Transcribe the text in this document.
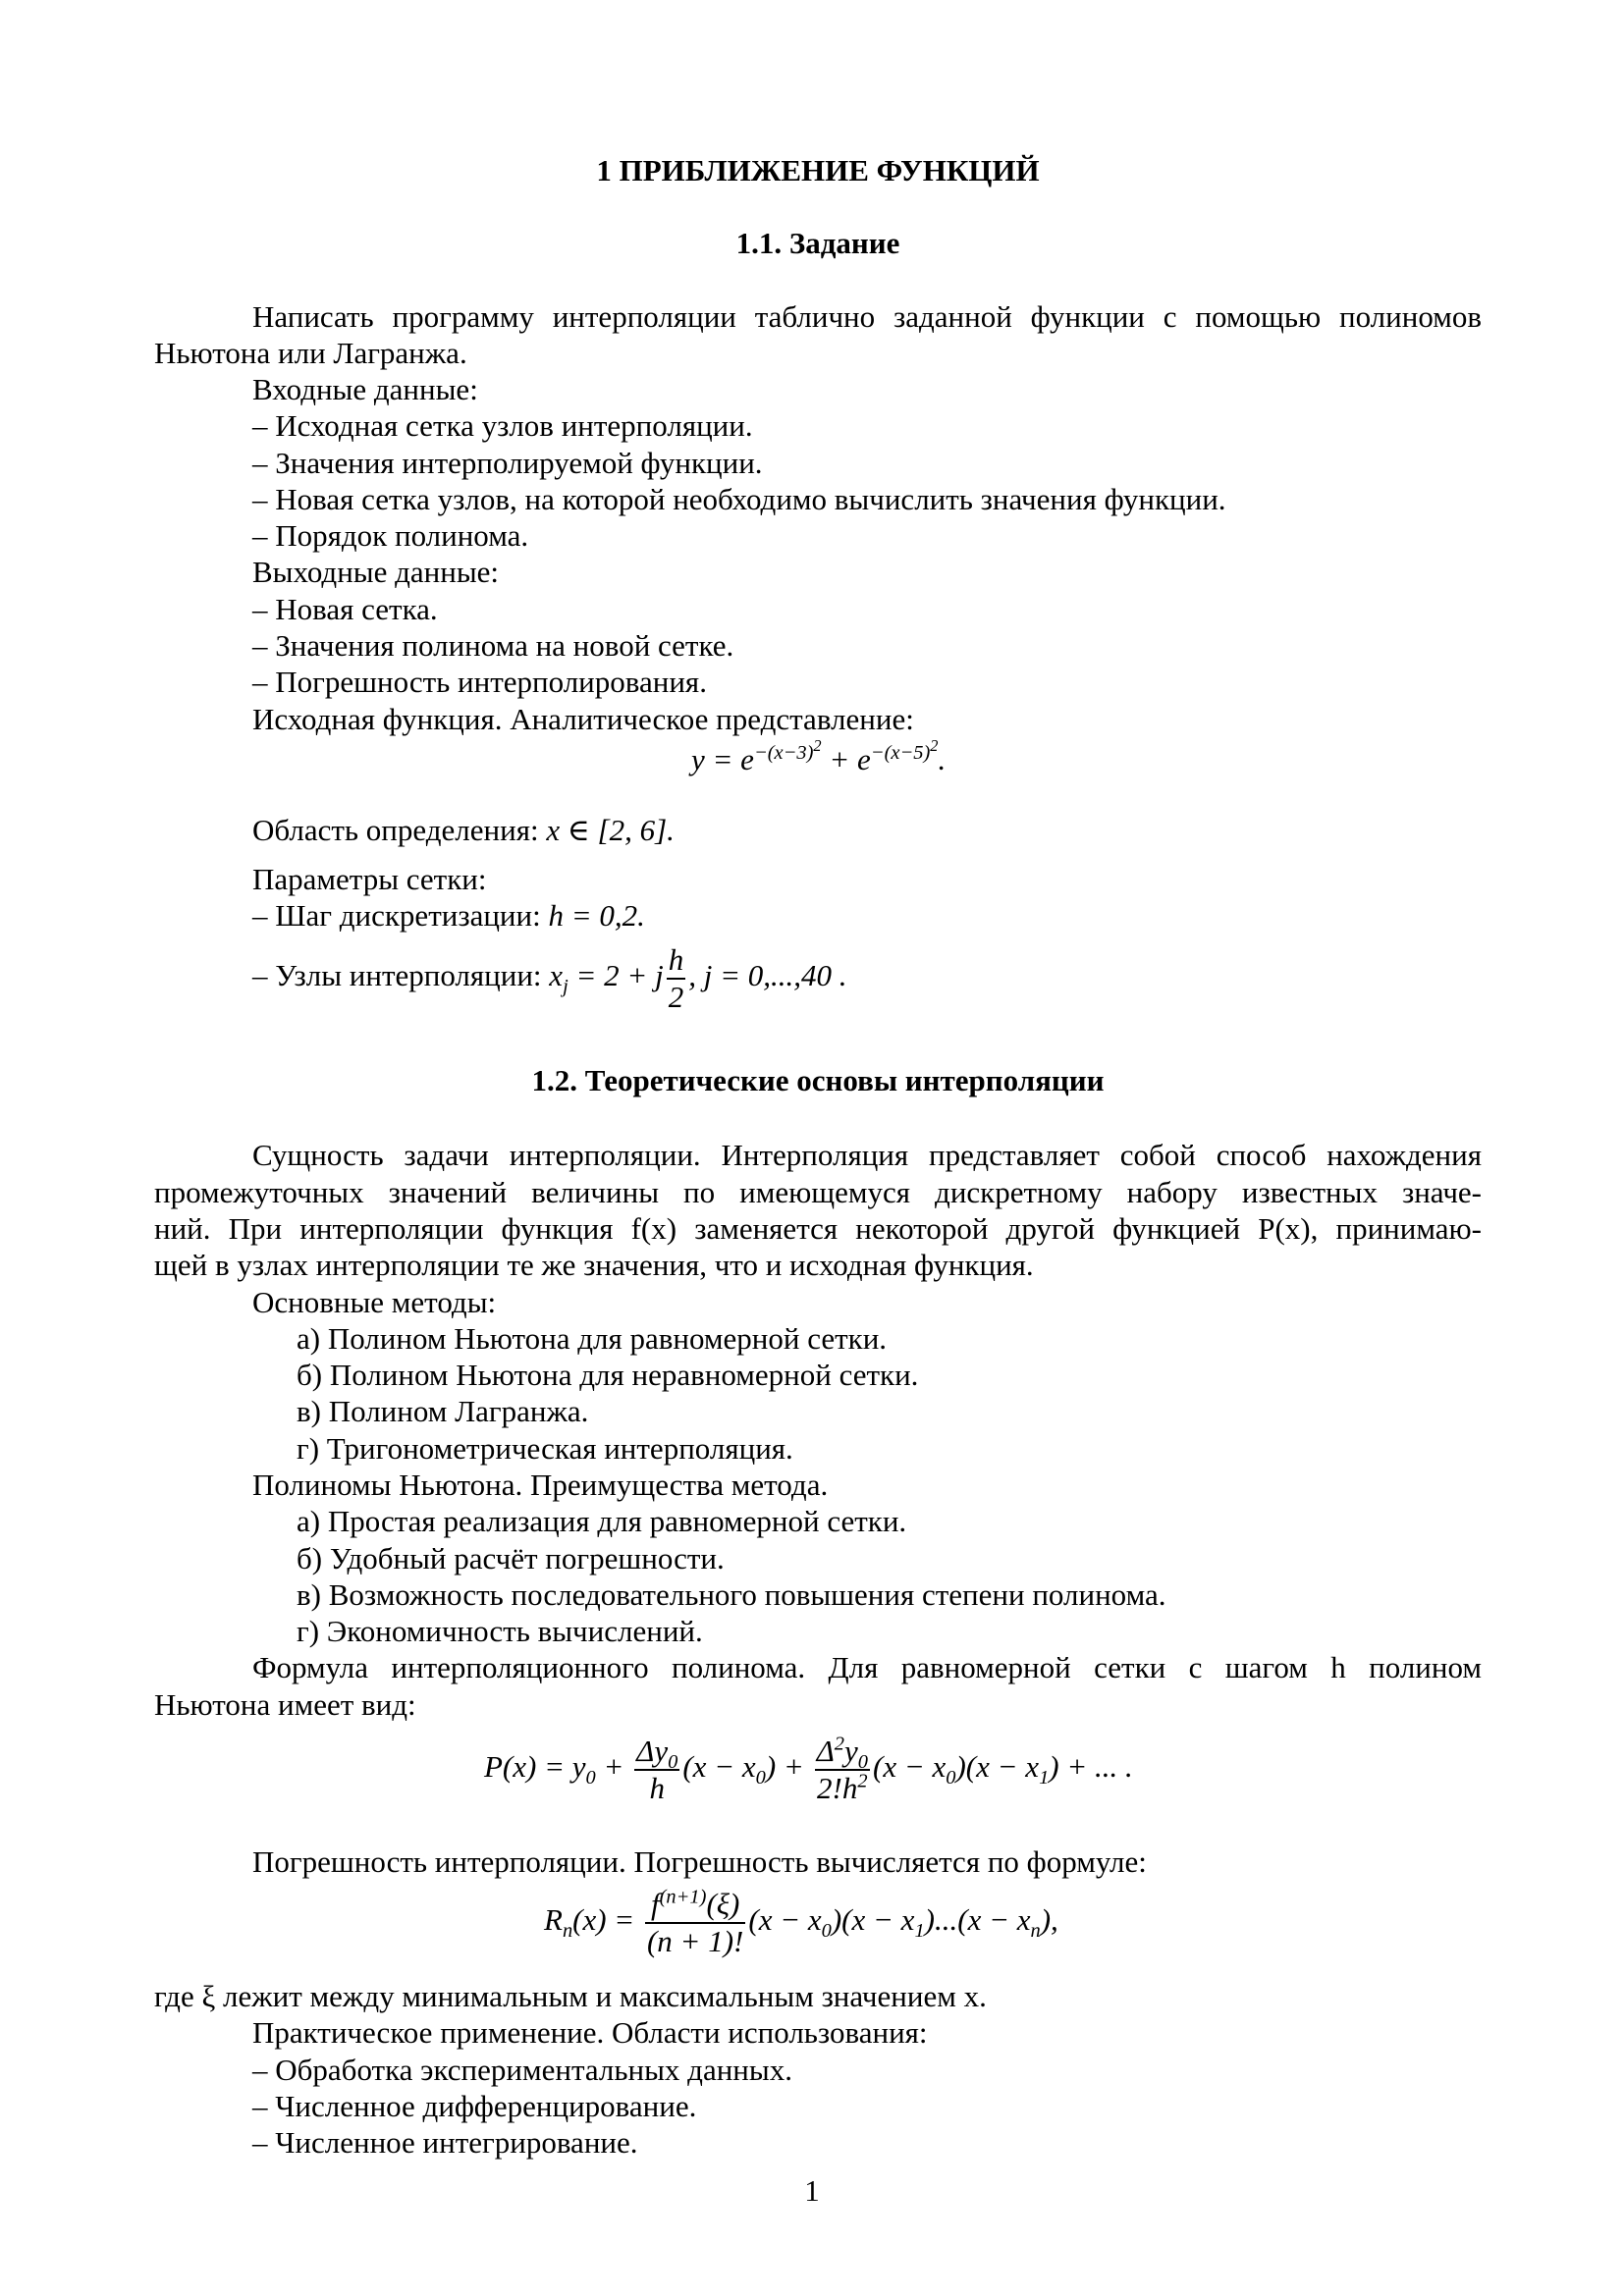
1 ПРИБЛИЖЕНИЕ ФУНКЦИЙ
1.1. Задание
Написать программу интерполяции таблично заданной функции с помощью полиномов
Ньютона или Лагранжа.
Входные данные:
– Исходная сетка узлов интерполяции.
– Значения интерполируемой функции.
– Новая сетка узлов, на которой необходимо вычислить значения функции.
– Порядок полинома.
Выходные данные:
– Новая сетка.
– Значения полинома на новой сетке.
– Погрешность интерполирования.
Исходная функция. Аналитическое представление:
$y = e^{-(x-3)^2} + e^{-(x-5)^2}$.
Область определения: x ∈ [2, 6].
Параметры сетки:
– Шаг дискретизации: h = 0,2.
– Узлы интерполяции: $x_j = 2 + j \frac{h}{2}$ , j = 0,...,40 .
1.2. Теоретические основы интерполяции
Сущность задачи интерполяции. Интерполяция представляет собой способ нахождения
промежуточных значений величины по имеющемуся дискретному набору известных значе-
ний. При интерполяции функция f(x) заменяется некоторой другой функцией P(x), принимаю-
щей в узлах интерполяции те же значения, что и исходная функция.
Основные методы:
а) Полином Ньютона для равномерной сетки.
б) Полином Ньютона для неравномерной сетки.
в) Полином Лагранжа.
г) Тригонометрическая интерполяция.
Полиномы Ньютона. Преимущества метода.
а) Простая реализация для равномерной сетки.
б) Удобный расчёт погрешности.
в) Возможность последовательного повышения степени полинома.
г) Экономичность вычислений.
Формула интерполяционного полинома. Для равномерной сетки с шагом h полином
Ньютона имеет вид:
$P(x) = y_0 + \frac{\Delta y_0}{h} (x - x_0) + \frac{\Delta^2y_0}{2!h^2} (x - x_0)(x - x_1)$ + ... .
Погрешность интерполяции. Погрешность вычисляется по формуле:
$R_n(x) = \frac{f^{(n+1)}(\xi)}{(n + 1)!} (x - x_0)(x - x_1)...(x - x_n)$,
где ξ лежит между минимальным и максимальным значением x.
Практическое применение. Области использования:
– Обработка экспериментальных данных.
– Численное дифференцирование.
– Численное интегрирование.
1
